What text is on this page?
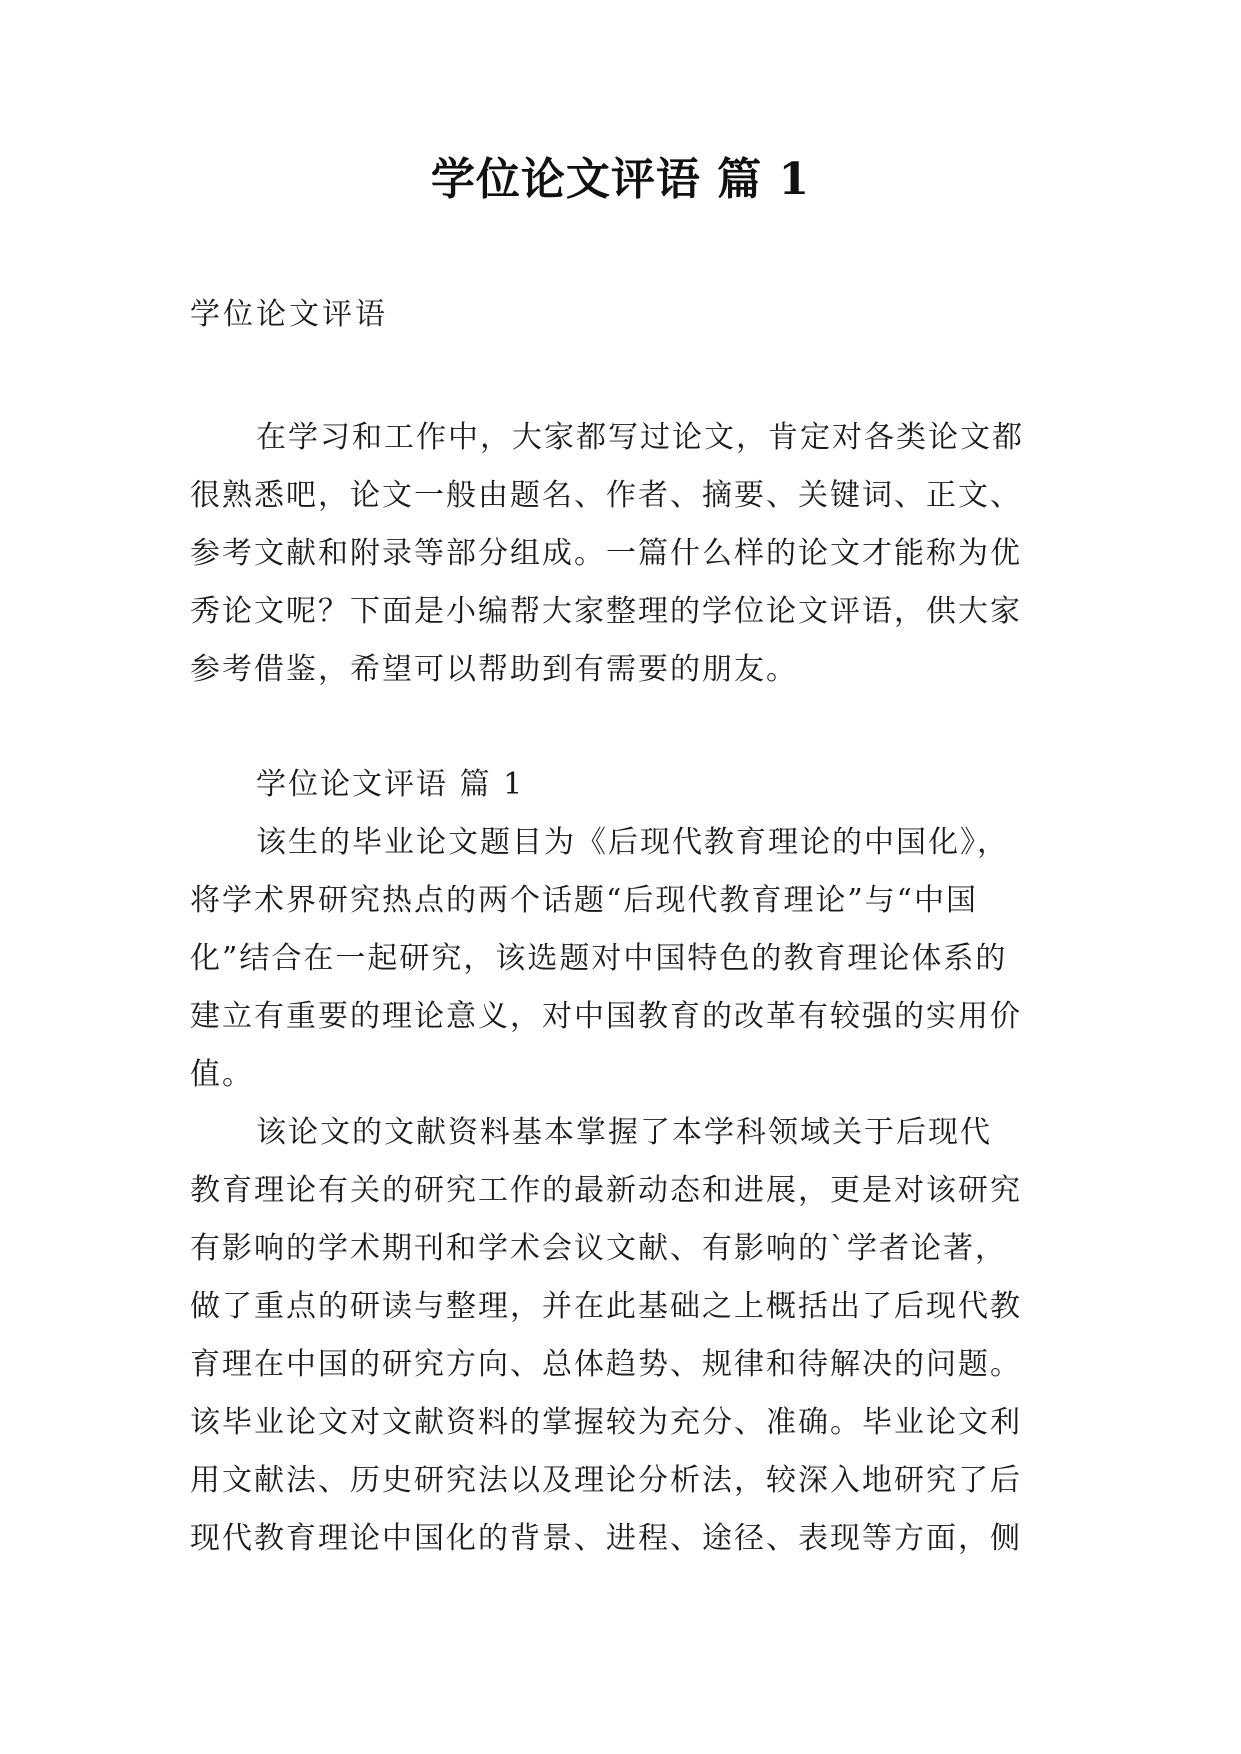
学位论文评语 篇 1

学位论文评语

在学习和工作中，大家都写过论文，肯定对各类论文都
很熟悉吧，论文一般由题名、作者、摘要、关键词、正文、
参考文献和附录等部分组成。一篇什么样的论文才能称为优
秀论文呢？下面是小编帮大家整理的学位论文评语，供大家
参考借鉴，希望可以帮助到有需要的朋友。
学位论文评语 篇 1
该生的毕业论文题目为《后现代教育理论的中国化》，
将学术界研究热点的两个话题“后现代教育理论”与“中国
化”结合在一起研究，该选题对中国特色的教育理论体系的
建立有重要的理论意义，对中国教育的改革有较强的实用价
值。
该论文的文献资料基本掌握了本学科领域关于后现代
教育理论有关的研究工作的最新动态和进展，更是对该研究
有影响的学术期刊和学术会议文献、有影响的`学者论著，
做了重点的研读与整理，并在此基础之上概括出了后现代教
育理在中国的研究方向、总体趋势、规律和待解决的问题。
该毕业论文对文献资料的掌握较为充分、准确。毕业论文利
用文献法、历史研究法以及理论分析法，较深入地研究了后
现代教育理论中国化的背景、进程、途径、表现等方面，侧
